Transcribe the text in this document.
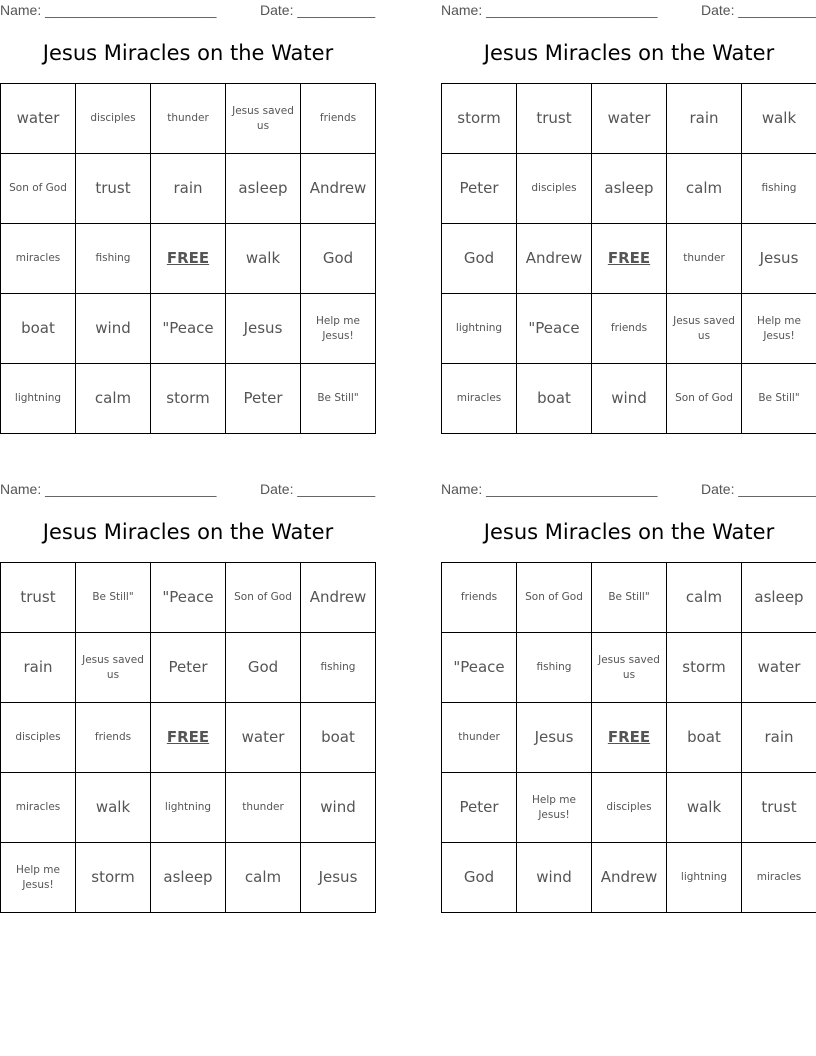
Name: ______________________	Date: __________
Jesus Miracles on the Water
water	disciples	thunder	Jesus saved us	friends
Son of God	trust	rain	asleep	Andrew
miracles	fishing	FREE	walk	God
boat	wind	"Peace	Jesus	Help me Jesus!
lightning	calm	storm	Peter	Be Still"
Name: ______________________	Date: __________
Jesus Miracles on the Water
storm	trust	water	rain	walk
Peter	disciples	asleep	calm	fishing
God	Andrew	FREE	thunder	Jesus
lightning	"Peace	friends	Jesus saved us	Help me Jesus!
miracles	boat	wind	Son of God	Be Still"
Name: ______________________	Date: __________
Jesus Miracles on the Water
trust	Be Still"	"Peace	Son of God	Andrew
rain	Jesus saved us	Peter	God	fishing
disciples	friends	FREE	water	boat
miracles	walk	lightning	thunder	wind
Help me Jesus!	storm	asleep	calm	Jesus
Name: ______________________	Date: __________
Jesus Miracles on the Water
friends	Son of God	Be Still"	calm	asleep
"Peace	fishing	Jesus saved us	storm	water
thunder	Jesus	FREE	boat	rain
Peter	Help me Jesus!	disciples	walk	trust
God	wind	Andrew	lightning	miracles
